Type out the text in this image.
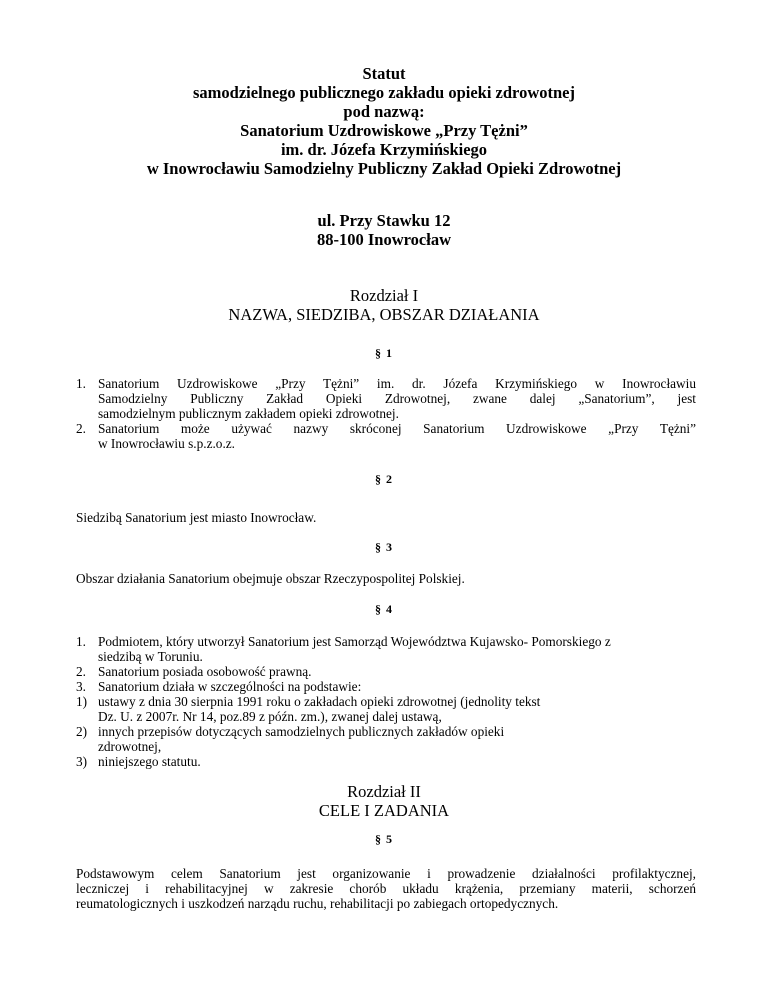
Statut
samodzielnego publicznego zakładu opieki zdrowotnej
pod nazwą:
Sanatorium Uzdrowiskowe „Przy Tężni”
im. dr. Józefa Krzymińskiego
w Inowrocławiu Samodzielny Publiczny Zakład Opieki Zdrowotnej
ul. Przy Stawku 12
88-100 Inowrocław
Rozdział I
NAZWA, SIEDZIBA, OBSZAR DZIAŁANIA
§ 1
1. Sanatorium Uzdrowiskowe „Przy Tężni” im. dr. Józefa Krzymińskiego w Inowrocławiu
Samodzielny Publiczny Zakład Opieki Zdrowotnej, zwane dalej „Sanatorium”, jest
samodzielnym publicznym zakładem opieki zdrowotnej.
2. Sanatorium może używać nazwy skróconej Sanatorium Uzdrowiskowe „Przy Tężni”
w Inowrocławiu s.p.z.o.z.
§ 2
Siedzibą Sanatorium jest miasto Inowrocław.
§ 3
Obszar działania Sanatorium obejmuje obszar Rzeczypospolitej Polskiej.
§ 4
1. Podmiotem, który utworzył Sanatorium jest Samorząd Województwa Kujawsko- Pomorskiego z
siedzibą w Toruniu.
2. Sanatorium posiada osobowość prawną.
3. Sanatorium działa w szczególności na podstawie:
1) ustawy z dnia 30 sierpnia 1991 roku o zakładach opieki zdrowotnej (jednolity tekst
Dz. U. z 2007r. Nr 14, poz.89 z późn. zm.), zwanej dalej ustawą,
2) innych przepisów dotyczących samodzielnych publicznych zakładów opieki
zdrowotnej,
3) niniejszego statutu.
Rozdział II
CELE I ZADANIA
§ 5
Podstawowym celem Sanatorium jest organizowanie i prowadzenie działalności profilaktycznej,
leczniczej i rehabilitacyjnej w zakresie chorób układu krążenia, przemiany materii, schorzeń
reumatologicznych i uszkodzeń narządu ruchu, rehabilitacji po zabiegach ortopedycznych.
